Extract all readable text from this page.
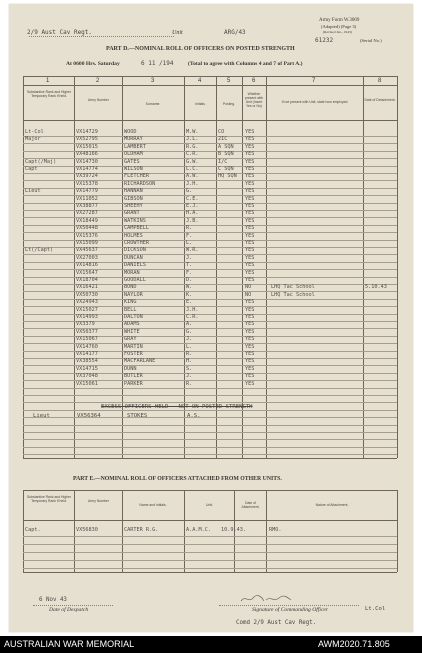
2/9 Aust Cav Regt.	Unit	ARG/43
Army Form W.3009
(Adapted) (Page 3)
(Revised Jan., 1943)
61232	(Serial No.)
PART D.—NOMINAL ROLL OF OFFICERS ON POSTED STRENGTH
At 0600 Hrs. Saturday	6 11 /194	(Total to agree with Columns 4 and 7 of Part A.)
1	2	3	4	5	6	7	8
Substantive Rank and Higher Temporary Rank if held.
Army Number
Surname.	Initials.	Posting.
Whether present with Unit (Insert Yes or No)
If not present with Unit, state how employed.	Date of Detachment.
Lt-Col	VX14729	WOOD	M.W.	CO	YES
Major	VX52795	MURRAY	J.L.	2IC	YES
VX15015	LAMBERT	R.G.	A SQN	YES
VX48166	OLDHAM	C.R.	B SQN	YES
Capt(/Maj)	VX14730	GATES	G.W.	I/C	YES
Capt	VX14774	WILSON	L.C.	C SQN	YES
VX39724	FLETCHER	A.W.	HQ SQN	YES
VX15378	RICHARDSON	J.H.	YES
Lieut	VX14779	HANNAN	G.	YES
VX11052	GIBSON	C.E.	YES
VX38877	SHEEHY	E.J.	YES
VX27287	GRANT	H.A.	YES
VX18449	WATKINS	J.B.	YES
VX50448	CAMPBELL	R.	YES
VX15376	HOLMES	F.	YES
VX15099	CROWTHER	L.	YES
Lt(/Capt)	VX45637	DICKSON	W.R.	YES
VX27003	DUNCAN	J.	YES
VX14816	DANIELS	T.	YES
VX15647	MORAN	F.	YES
VX18704	GOODALL	D.	YES
VX16421	BOND	W.	NO	LHQ Tac School	5.10.43
VX50730	NAYLOR	K.	NO	LHQ Tac School
VX24943	KING	E.	YES
VX15027	BELL	J.H.	YES
VX14993	DALTON	C.R.	YES
VX3379	ADAMS	A.	YES
VX50377	WHITE	G.	YES
VX15067	GRAY	J.	YES
VX14760	MARTIN	L.	YES
VX14177	FOSTER	R.	YES
VX38554	MACFARLANE	H.	YES
VX14715	DUNN	S.	YES
VX37048	BUTLER	J.	YES
VX15061	PARKER	R.	YES
EXCESS OFFICERS HELD - NOT ON POSTED STRENGTH
Lieut	VX56364	STOKES	A.S.
PART E.—NOMINAL ROLL OF OFFICERS ATTACHED FROM OTHER UNITS.
Substantive Rank and Higher Temporary Rank if held.	Army Number
Name and Initials.	Unit.	Date of Attachment.	Nature of Attachment.
Capt.	VX56830	CARTER R.G.	A.A.M.C.	10.9.43.	RMO.
6 Nov 43
Date of Despatch	Signature of Commanding Officer	Lt.Col
Comd 2/9 Aust Cav Regt.
AUSTRALIAN WAR MEMORIAL	AWM2020.71.805
